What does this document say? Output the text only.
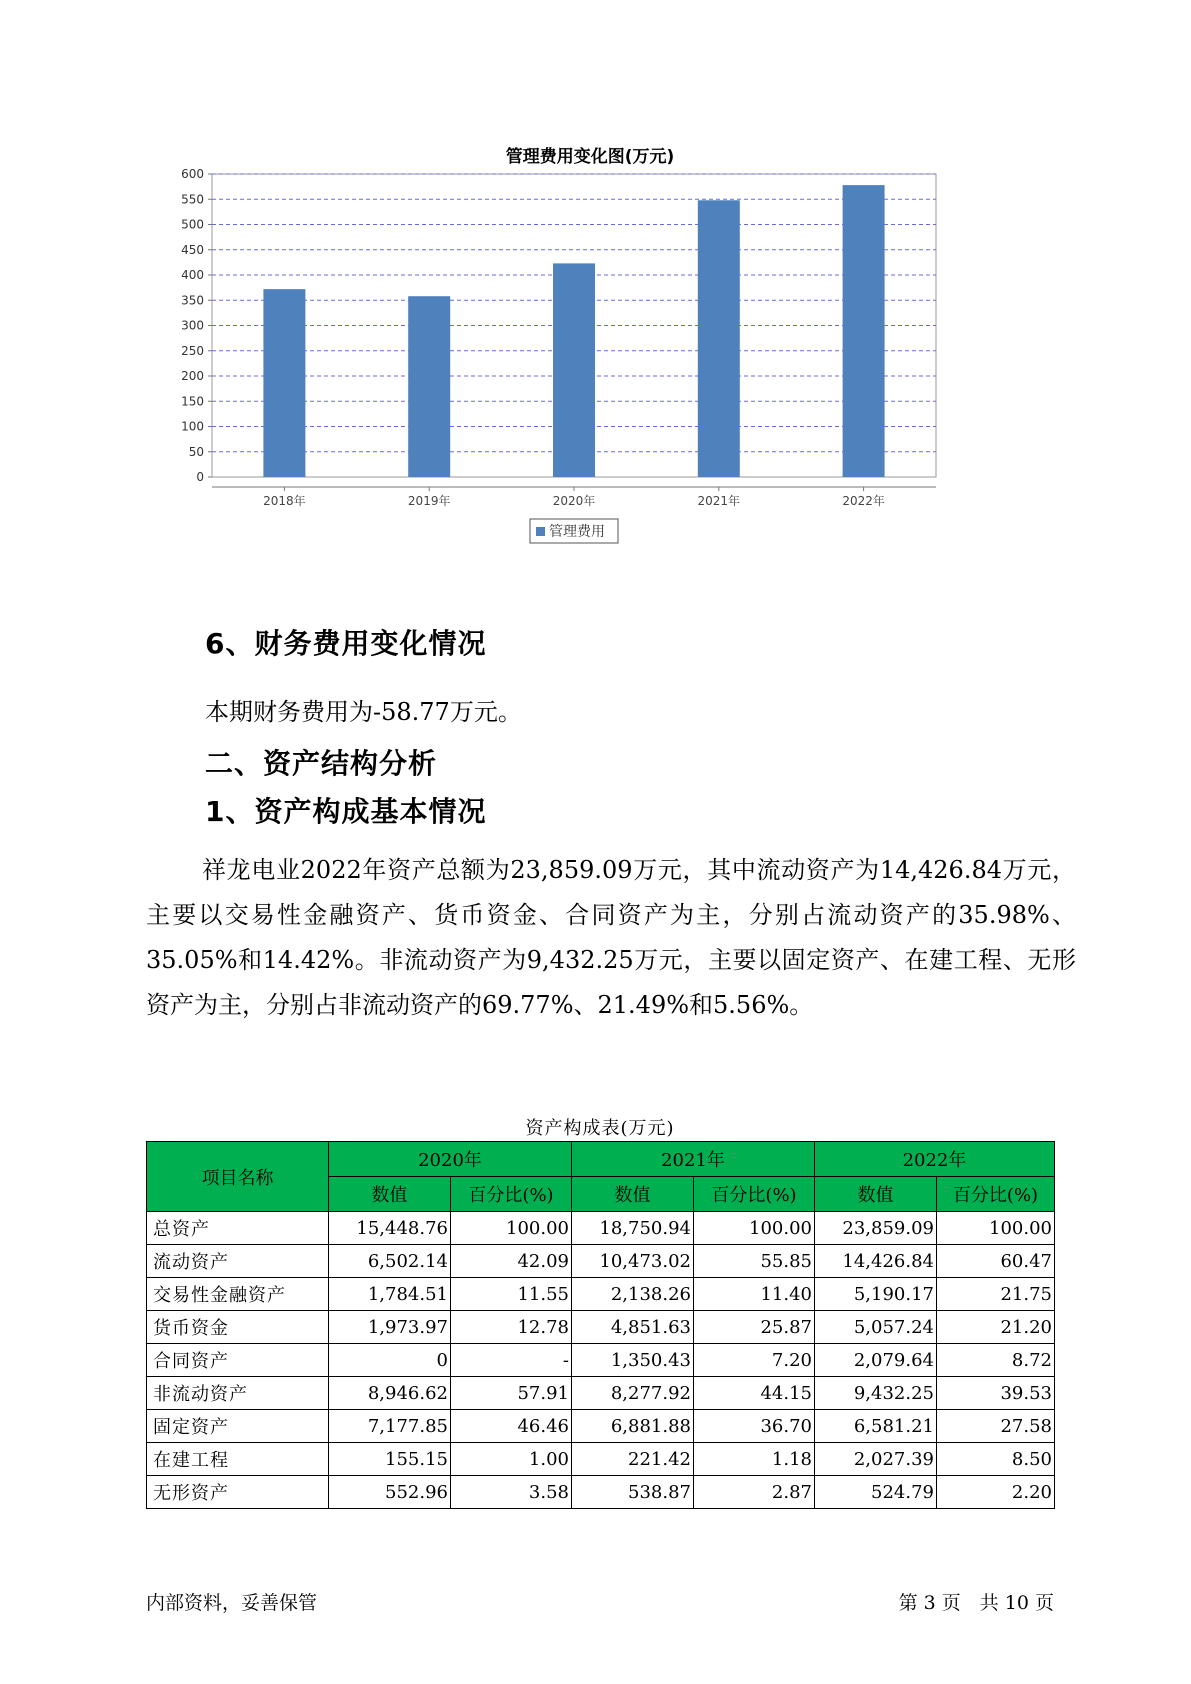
管理费用变化图(万元)
0
50
100
150
200
250
300
350
400
450
500
550
600
2018年	2019年	2020年	2021年	2022年
管理费用
6、财务费用变化情况
本期财务费用为-58.77万元。
二、资产结构分析
1、资产构成基本情况
祥龙电业2022年资产总额为23,859.09万元，其中流动资产为14,426.84万元，主要以交易性金融资产、货币资金、合同资产为主，分别占流动资产的35.98%、35.05%和14.42%。非流动资产为9,432.25万元，主要以固定资产、在建工程、无形资产为主，分别占非流动资产的69.77%、21.49%和5.56%。
资产构成表(万元)
项目名称	2020年		2021年		2022年	
	数值	百分比(%)	数值	百分比(%)	数值	百分比(%)
总资产	15,448.76	100.00	18,750.94	100.00	23,859.09	100.00
流动资产	6,502.14	42.09	10,473.02	55.85	14,426.84	60.47
交易性金融资产	1,784.51	11.55	2,138.26	11.40	5,190.17	21.75
货币资金	1,973.97	12.78	4,851.63	25.87	5,057.24	21.20
合同资产	0	-	1,350.43	7.20	2,079.64	8.72
非流动资产	8,946.62	57.91	8,277.92	44.15	9,432.25	39.53
固定资产	7,177.85	46.46	6,881.88	36.70	6,581.21	27.58
在建工程	155.15	1.00	221.42	1.18	2,027.39	8.50
无形资产	552.96	3.58	538.87	2.87	524.79	2.20
内部资料，妥善保管	第 3 页　共 10 页
